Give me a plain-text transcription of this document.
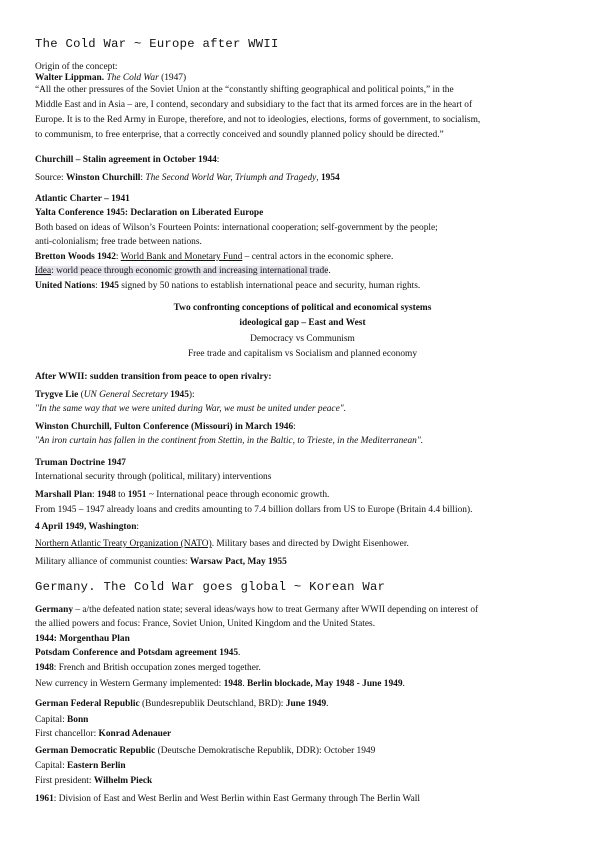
The Cold War ~ Europe after WWII
Origin of the concept:
Walter Lippman. The Cold War (1947)
“All the other pressures of the Soviet Union at the “constantly shifting geographical and political points,” in the
Middle East and in Asia – are, I contend, secondary and subsidiary to the fact that its armed forces are in the heart of
Europe. It is to the Red Army in Europe, therefore, and not to ideologies, elections, forms of government, to socialism,
to communism, to free enterprise, that a correctly conceived and soundly planned policy should be directed.”
Churchill – Stalin agreement in October 1944:
Source: Winston Churchill: The Second World War, Triumph and Tragedy, 1954
Atlantic Charter – 1941
Yalta Conference 1945: Declaration on Liberated Europe
Both based on ideas of Wilson’s Fourteen Points: international cooperation; self-government by the people;
anti-colonialism; free trade between nations.
Bretton Woods 1942: World Bank and Monetary Fund – central actors in the economic sphere.
Idea: world peace through economic growth and increasing international trade.
United Nations: 1945 signed by 50 nations to establish international peace and security, human rights.
Two confronting conceptions of political and economical systems
ideological gap – East and West
Democracy vs Communism
Free trade and capitalism vs Socialism and planned economy
After WWII: sudden transition from peace to open rivalry:
Trygve Lie (UN General Secretary 1945):
"In the same way that we were united during War, we must be united under peace".
Winston Churchill, Fulton Conference (Missouri) in March 1946:
"An iron curtain has fallen in the continent from Stettin, in the Baltic, to Trieste, in the Mediterranean".
Truman Doctrine 1947
International security through (political, military) interventions
Marshall Plan: 1948 to 1951 ~ International peace through economic growth.
From 1945 – 1947 already loans and credits amounting to 7.4 billion dollars from US to Europe (Britain 4.4 billion).
4 April 1949, Washington:
Northern Atlantic Treaty Organization (NATO). Military bases and directed by Dwight Eisenhower.
Military alliance of communist counties: Warsaw Pact, May 1955
Germany. The Cold War goes global ~ Korean War
Germany – a/the defeated nation state; several ideas/ways how to treat Germany after WWII depending on interest of
the allied powers and focus: France, Soviet Union, United Kingdom and the United States.
1944: Morgenthau Plan
Potsdam Conference and Potsdam agreement 1945.
1948: French and British occupation zones merged together.
New currency in Western Germany implemented: 1948. Berlin blockade, May 1948 - June 1949.
German Federal Republic (Bundesrepublik Deutschland, BRD): June 1949.
Capital: Bonn
First chancellor: Konrad Adenauer
German Democratic Republic (Deutsche Demokratische Republik, DDR): October 1949
Capital: Eastern Berlin
First president: Wilhelm Pieck
1961: Division of East and West Berlin and West Berlin within East Germany through The Berlin Wall
